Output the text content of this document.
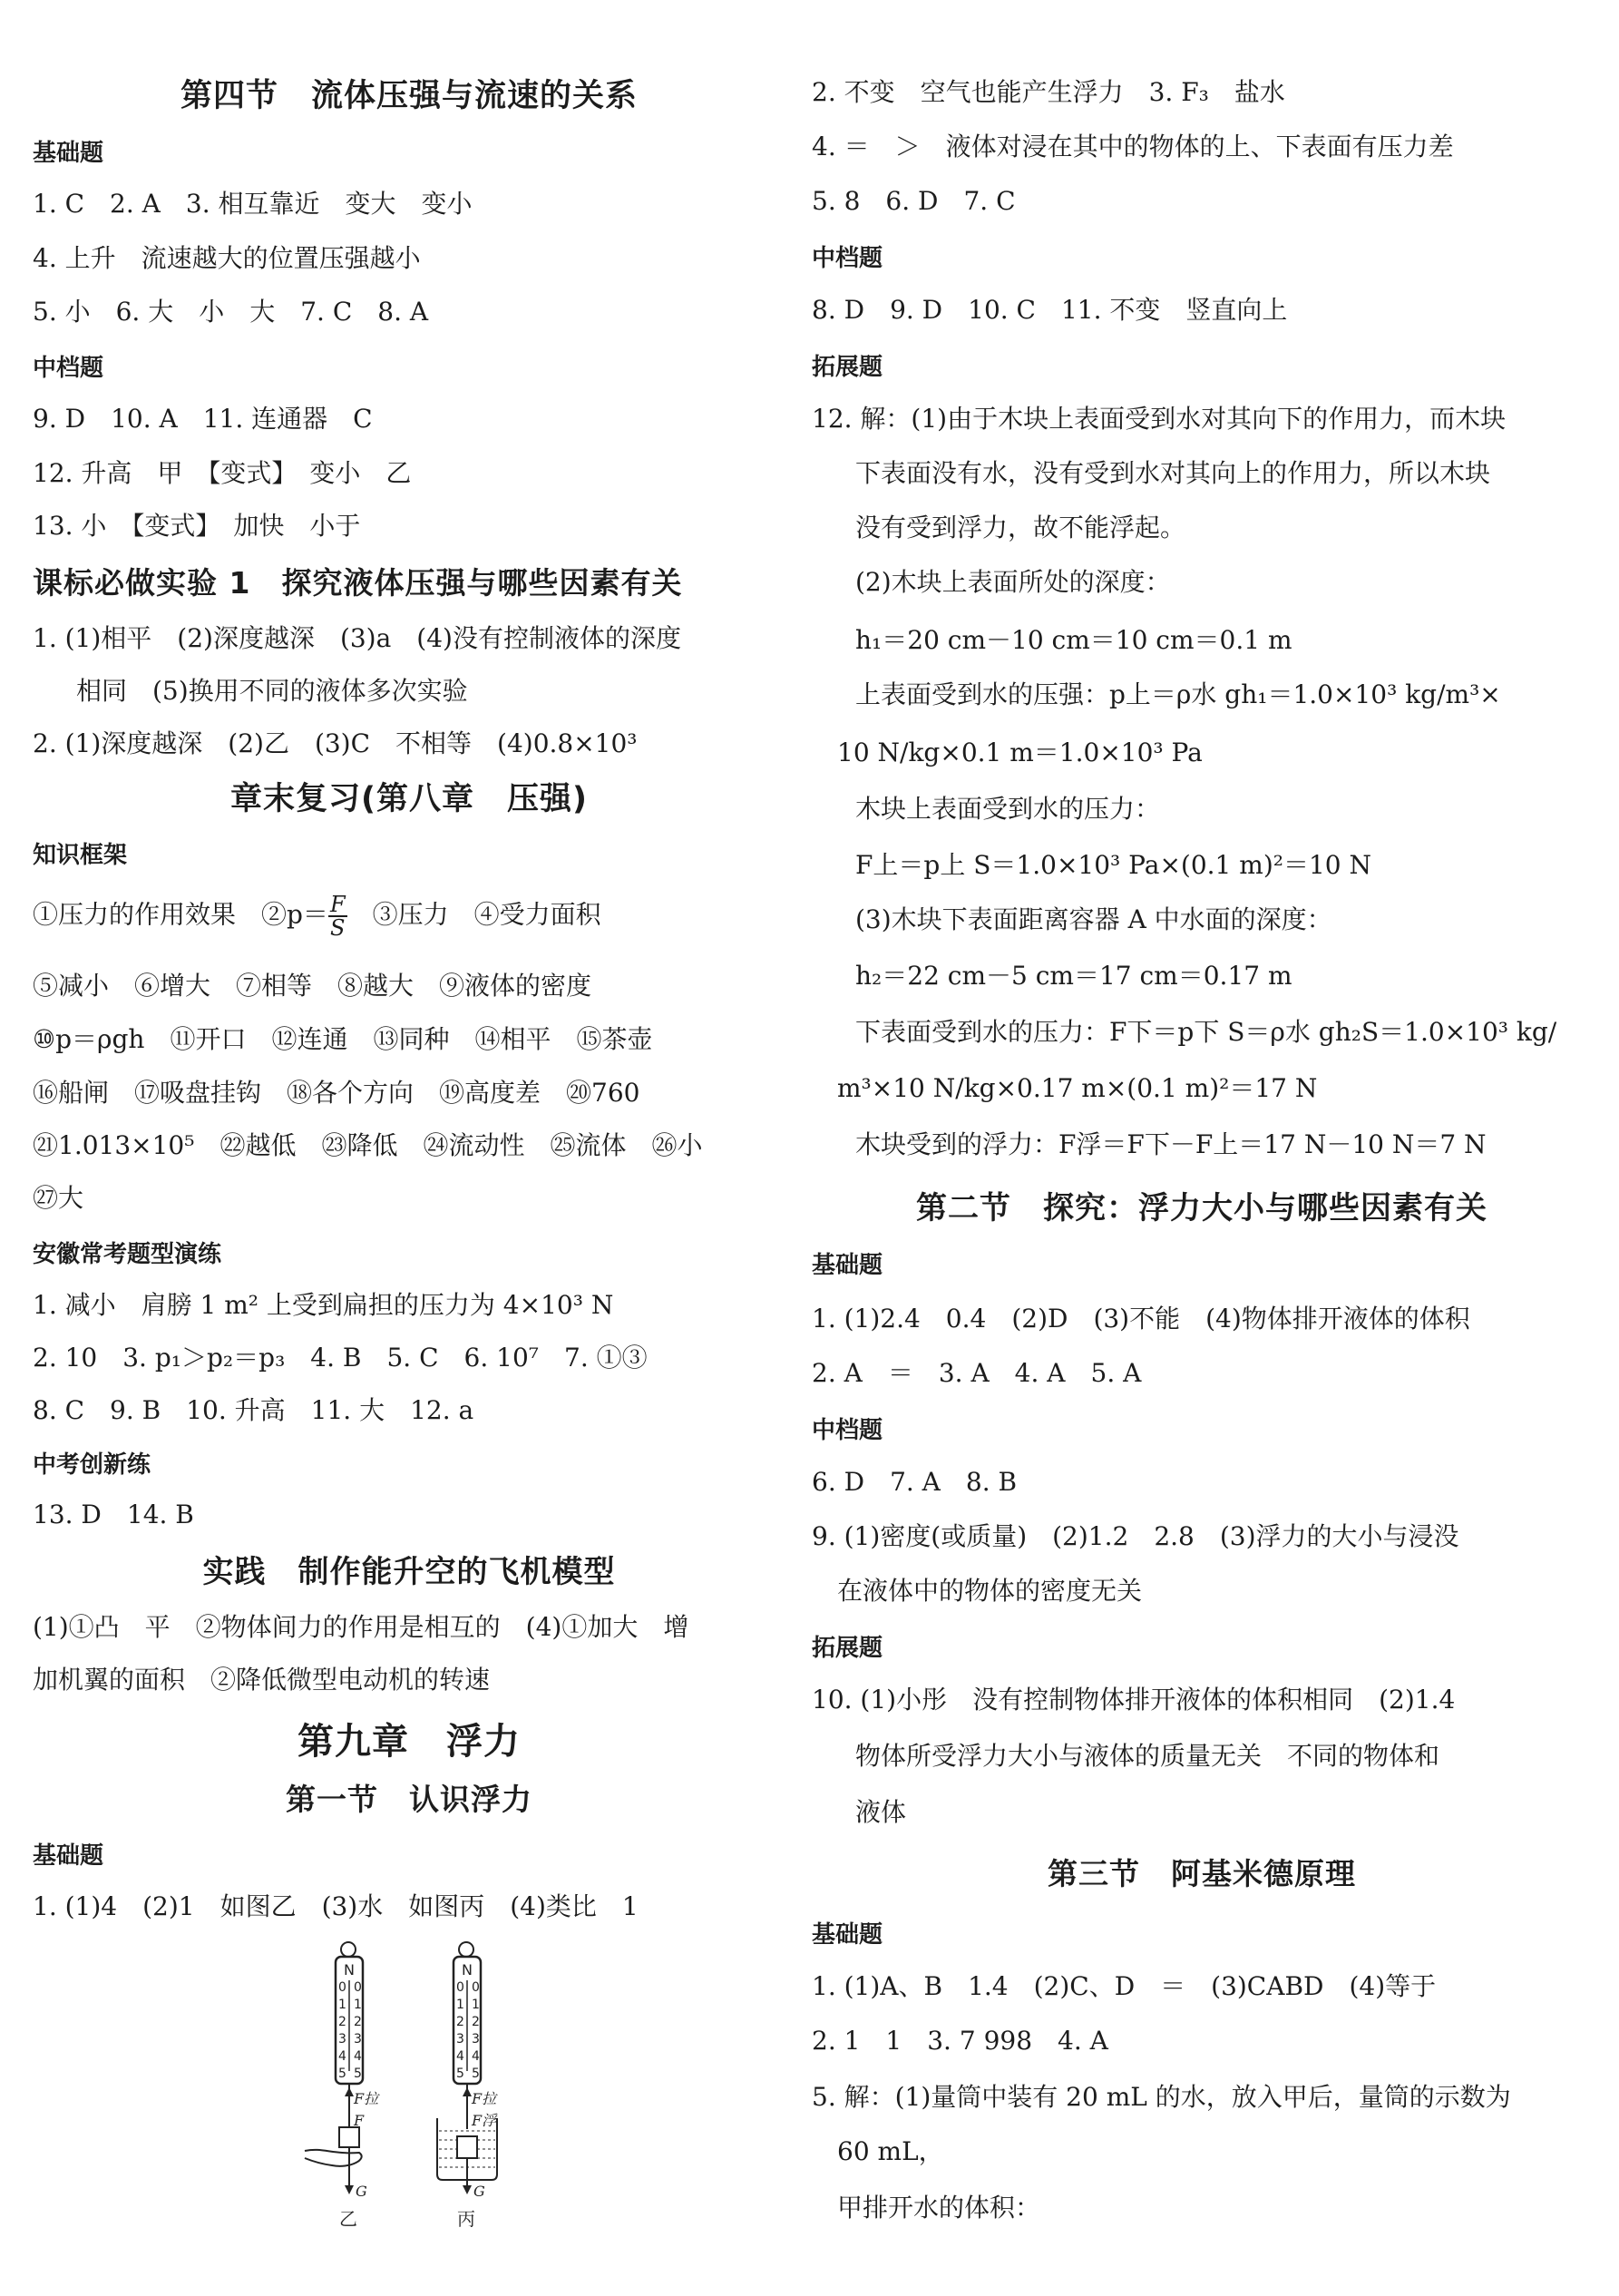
第四节　流体压强与流速的关系
基础题
1. C　2. A　3. 相互靠近　变大　变小
4. 上升　流速越大的位置压强越小
5. 小　6. 大　小　大　7. C　8. A
中档题
9. D　10. A　11. 连通器　C
12. 升高　甲　【变式】　变小　乙
13. 小　【变式】　加快　小于
课标必做实验 1　探究液体压强与哪些因素有关
1. (1)相平　(2)深度越深　(3)a　(4)没有控制液体的深度
相同　(5)换用不同的液体多次实验
2. (1)深度越深　(2)乙　(3)C　不相等　(4)0.8×10³
章末复习(第八章　压强)
知识框架
①压力的作用效果　②p＝ $\frac{F}{S}$ 　③压力　④受力面积
⑤减小　⑥增大　⑦相等　⑧越大　⑨液体的密度
⑩p＝ρgh　⑪开口　⑫连通　⑬同种　⑭相平　⑮茶壶
⑯船闸　⑰吸盘挂钩　⑱各个方向　⑲高度差　⑳760
㉑1.013×10⁵　㉒越低　㉓降低　㉔流动性　㉕流体　㉖小
㉗大
安徽常考题型演练
1. 减小　肩膀 1 m² 上受到扁担的压力为 4×10³ N
2. 10　3. p₁＞p₂＝p₃　4. B　5. C　6. 10⁷　7. ①③
8. C　9. B　10. 升高　11. 大　12. a
中考创新练
13. D　14. B
实践　制作能升空的飞机模型
(1)①凸　平　②物体间力的作用是相互的　(4)①加大　增
加机翼的面积　②降低微型电动机的转速
第九章　浮力
第一节　认识浮力
基础题
1. (1)4　(2)1　如图乙　(3)水　如图丙　(4)类比　1
N
0
1
2
3
4
5
0
1
2
3
4
5
F拉
F
G
乙
N
0
1
2
3
4
5
0
1
2
3
4
5
F拉
F浮
G
丙
2. 不变　空气也能产生浮力　3. F₃　盐水
4. ＝　＞　液体对浸在其中的物体的上、下表面有压力差
5. 8　6. D　7. C
中档题
8. D　9. D　10. C　11. 不变　竖直向上
拓展题
12. 解：(1)由于木块上表面受到水对其向下的作用力，而木块
下表面没有水，没有受到水对其向上的作用力，所以木块
没有受到浮力，故不能浮起。
(2)木块上表面所处的深度：
h₁＝20 cm－10 cm＝10 cm＝0.1 m
上表面受到水的压强：p上＝ρ水 gh₁＝1.0×10³ kg/m³×
10 N/kg×0.1 m＝1.0×10³ Pa
木块上表面受到水的压力：
F上＝p上 S＝1.0×10³ Pa×(0.1 m)²＝10 N
(3)木块下表面距离容器 A 中水面的深度：
h₂＝22 cm－5 cm＝17 cm＝0.17 m
下表面受到水的压力：F下＝p下 S＝ρ水 gh₂S＝1.0×10³ kg/
m³×10 N/kg×0.17 m×(0.1 m)²＝17 N
木块受到的浮力：F浮＝F下－F上＝17 N－10 N＝7 N
第二节　探究：浮力大小与哪些因素有关
基础题
1. (1)2.4　0.4　(2)D　(3)不能　(4)物体排开液体的体积
2. A　＝　3. A　4. A　5. A
中档题
6. D　7. A　8. B
9. (1)密度(或质量)　(2)1.2　2.8　(3)浮力的大小与浸没
在液体中的物体的密度无关
拓展题
10. (1)小彤　没有控制物体排开液体的体积相同　(2)1.4
物体所受浮力大小与液体的质量无关　不同的物体和
液体
第三节　阿基米德原理
基础题
1. (1)A、B　1.4　(2)C、D　＝　(3)CABD　(4)等于
2. 1　1　3. 7 998　4. A
5. 解：(1)量筒中装有 20 mL 的水，放入甲后，量筒的示数为
60 mL，
甲排开水的体积：
